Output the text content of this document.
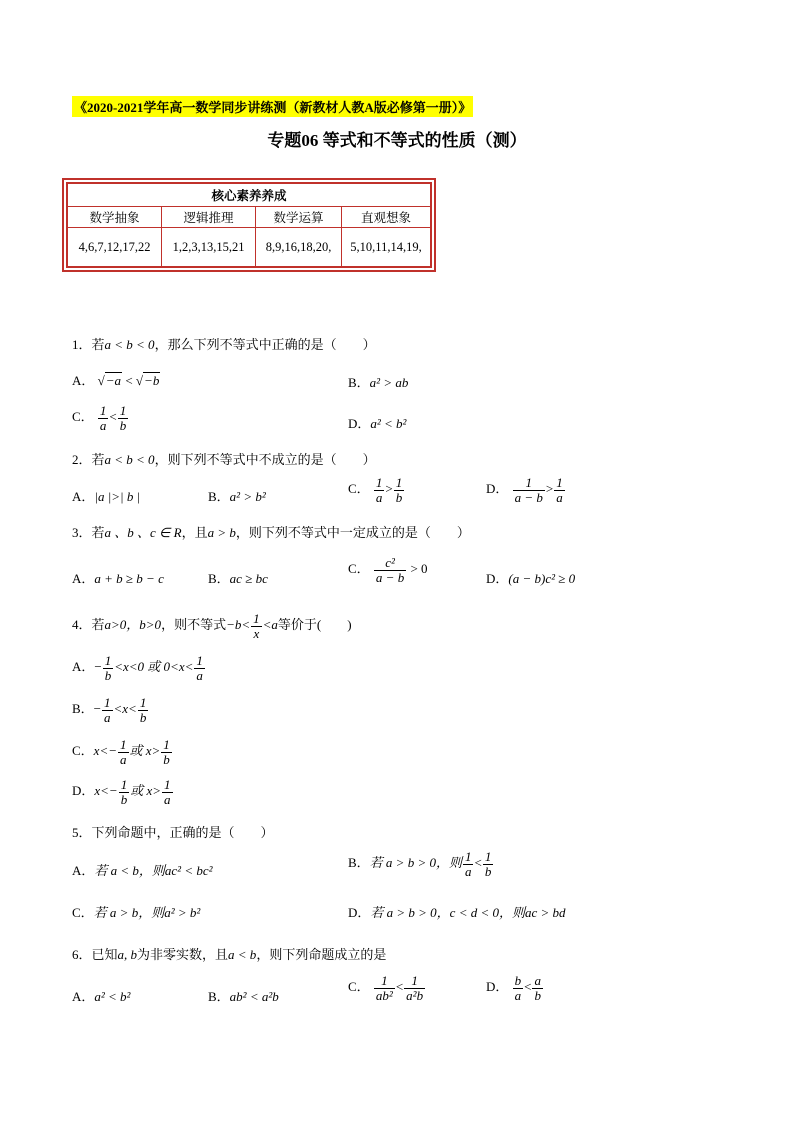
《2020-2021学年高一数学同步讲练测（新教材人教A版必修第一册）》
专题06 等式和不等式的性质（测）
核心素养养成			
数学抽象	逻辑推理	数学运算	直观想象
4,6,7,12,17,22	1,2,3,13,15,21	8,9,16,18,20,	5,10,11,14,19,
1．若a < b < 0，那么下列不等式中正确的是（　　）
A． √−a < √−b	B．a² > ab
C． $\frac{1}{a} < \frac{1}{b}$	D．a² < b²
2．若a < b < 0，则下列不等式中不成立的是（　　）
A．|a |>| b |	B．a² > b²
C． $\frac{1}{a} > \frac{1}{b}$	D． $\frac{1}{a - b} > \frac{1}{a}$
3．若a 、b 、c ∈ R，且a > b，则下列不等式中一定成立的是（　　）
A．a + b ≥ b − c	B．ac ≥ bc
C． $\frac{\text{c²}}{a - b} > 0$
D．(a − b)c² ≥ 0
4．若a>0，b>0，则不等式$-b< \frac{1}{x} <a$等价于(　　)
A．− $\frac{1}{b} <x<0$ 或 $0<x< \frac{1}{a}$
B．− $\frac{1}{a} <x< \frac{1}{b}$
C．$x<- \frac{1}{a}$ 或 $x> \frac{1}{b}$
D．$x<- \frac{1}{b}$ 或 $x> \frac{1}{a}$
5．下列命题中，正确的是（　　）
A．若 a < b，则ac² < bc²
B．若 a > b > 0，则 $\frac{1}{a} < \frac{1}{b}$
C．若 a > b，则a² > b²	D．若 a > b > 0，c < d < 0，则ac > bd
6．已知a, b为非零实数，且a < b，则下列命题成立的是
A．a² < b²	B．ab² < a²b
C． $\frac{1}{\text{ab²}} < \frac{1}{\text{a²b}}$	D． $\frac{b}{a} < \frac{a}{b}$
